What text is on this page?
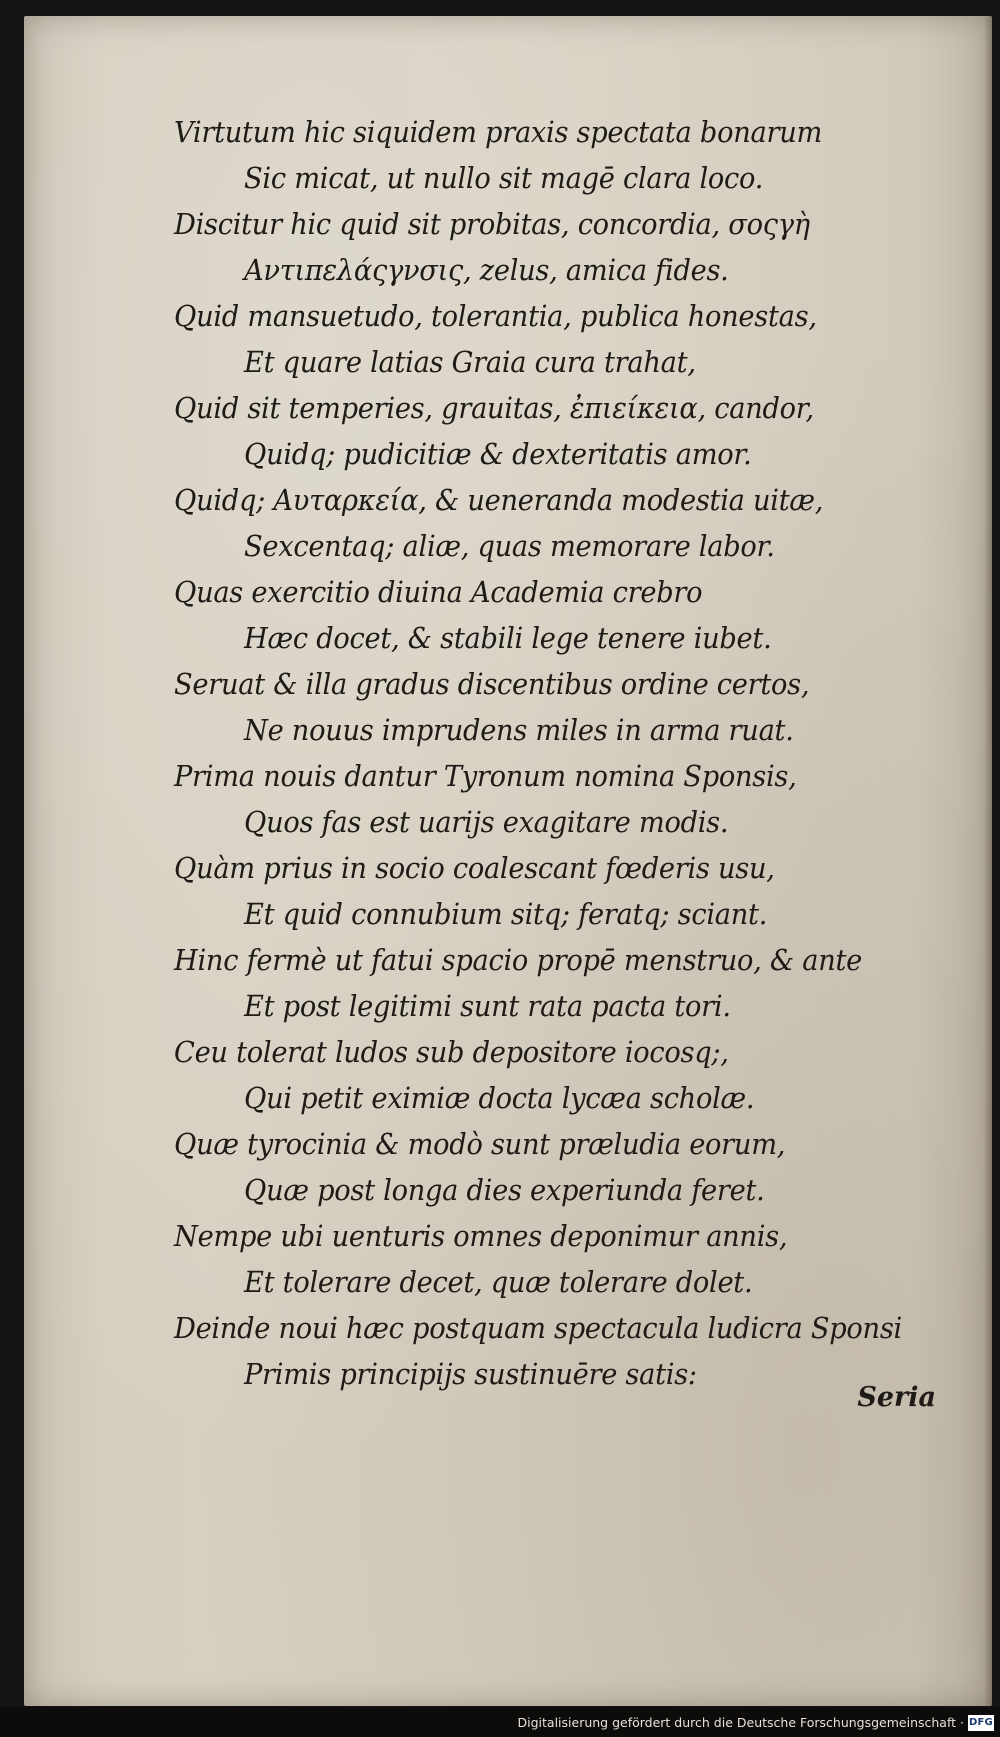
Virtutum hic siquidem praxis spectata bonarum
Sic micat, ut nullo sit magē clara loco.
Discitur hic quid sit probitas, concordia, σοςγὴ
Αντιπελάςγνσις, zelus, amica fides.
Quid mansuetudo, tolerantia, publica honestas,
Et quare latias Graia cura trahat,
Quid sit temperies, grauitas, ἐπιείκεια, candor,
Quidq; pudicitiæ & dexteritatis amor.
Quidq; Αυταρκεία, & ueneranda modestia uitæ,
Sexcentaq; aliæ, quas memorare labor.
Quas exercitio diuina Academia crebro
Hæc docet, & stabili lege tenere iubet.
Seruat & illa gradus discentibus ordine certos,
Ne nouus imprudens miles in arma ruat.
Prima nouis dantur Tyronum nomina Sponsis,
Quos fas est uarijs exagitare modis.
Quàm prius in socio coalescant fœderis usu,
Et quid connubium sitq; feratq; sciant.
Hinc fermè ut fatui spacio propē menstruo, & ante
Et post legitimi sunt rata pacta tori.
Ceu tolerat ludos sub depositore iocosq;,
Qui petit eximiæ docta lycæa scholæ.
Quæ tyrocinia & modò sunt præludia eorum,
Quæ post longa dies experiunda feret.
Nempe ubi uenturis omnes deponimur annis,
Et tolerare decet, quæ tolerare dolet.
Deinde noui hæc postquam spectacula ludicra Sponsi
Primis principijs sustinuēre satis:
Seria
Digitalisierung gefördert durch die Deutsche Forschungsgemeinschaft · DFG
